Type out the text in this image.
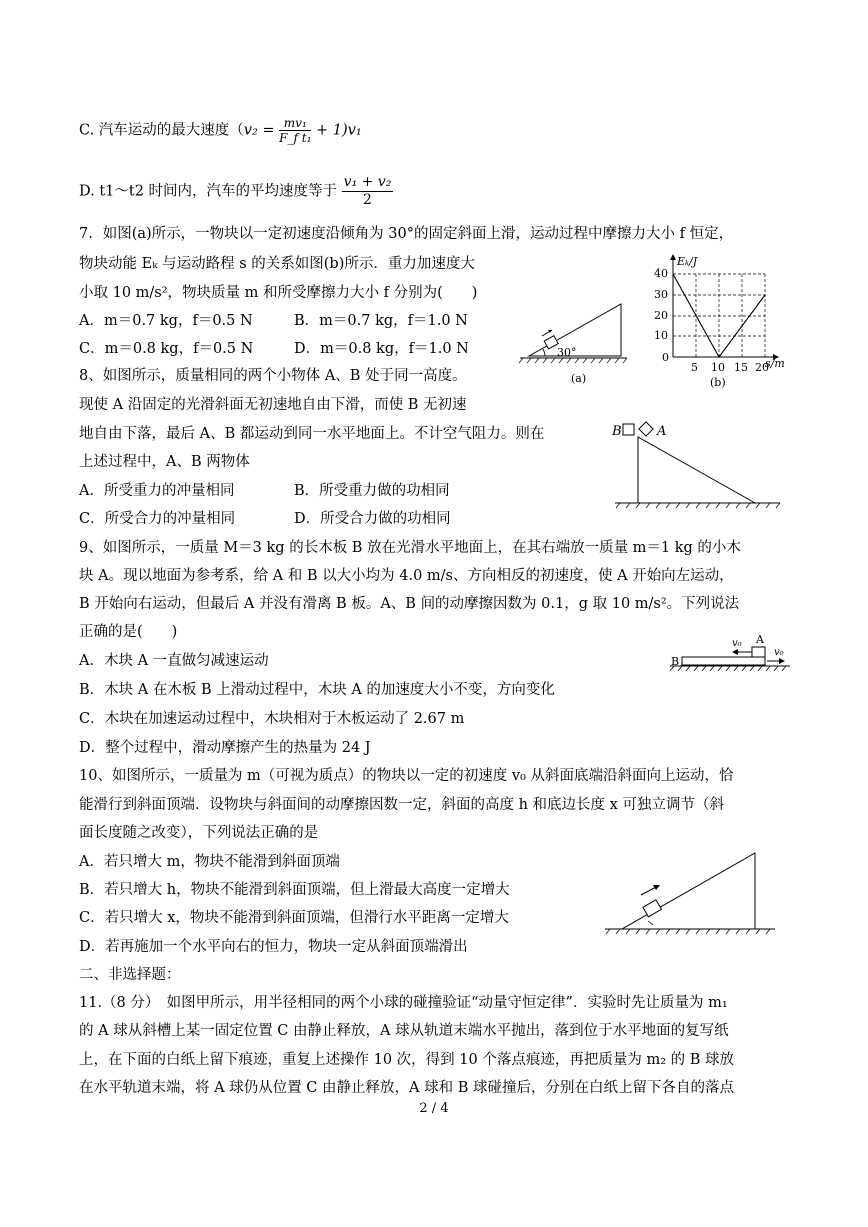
C. 汽车运动的最大速度$(v_2 = \frac{\text{mv₁}}{\text{F\_f t₁}} + 1)v_1$
D. t1～t2 时间内，汽车的平均速度等于 $\frac{\text{v₁ + v₂}}{2}$
7．如图(a)所示，一物块以一定初速度沿倾角为 30°的固定斜面上滑，运动过程中摩擦力大小 f 恒定，
物块动能 Eₖ 与运动路程 s 的关系如图(b)所示．重力加速度大
小取 10 m/s²，物块质量 m 和所受摩擦力大小 f 分别为(　　)
A．m＝0.7 kg，f＝0.5 N	B．m＝0.7 kg，f＝1.0 N
C．m＝0.8 kg，f＝0.5 N	D．m＝0.8 kg，f＝1.0 N	30°
(a)
Eₖ/J
40
30
20
10
0
5 10 15 20
s/m
(b)
8、如图所示，质量相同的两个小物体 A、B 处于同一高度。
现使 A 沿固定的光滑斜面无初速地自由下滑，而使 B 无初速
地自由下落，最后 A、B 都运动到同一水平地面上。不计空气阻力。则在
上述过程中，A、B 两物体
A．所受重力的冲量相同	B．所受重力做的功相同
C．所受合力的冲量相同	D．所受合力做的功相同
B	A
9、如图所示，一质量 M＝3 kg 的长木板 B 放在光滑水平地面上，在其右端放一质量 m＝1 kg 的小木
块 A。现以地面为参考系，给 A 和 B 以大小均为 4.0 m/s、方向相反的初速度，使 A 开始向左运动，
B 开始向右运动，但最后 A 并没有滑离 B 板。A、B 间的动摩擦因数为 0.1，g 取 10 m/s²。下列说法
正确的是(　　)
A．木块 A 一直做匀减速运动
B．木块 A 在木板 B 上滑动过程中，木块 A 的加速度大小不变，方向变化
C．木块在加速运动过程中，木块相对于木板运动了 2.67 m
D．整个过程中，滑动摩擦产生的热量为 24 J
v₀ A
B
v₀
10、如图所示，一质量为 m（可视为质点）的物块以一定的初速度 v₀ 从斜面底端沿斜面向上运动，恰
能滑行到斜面顶端．设物块与斜面间的动摩擦因数一定，斜面的高度 h 和底边长度 x 可独立调节（斜
面长度随之改变），下列说法正确的是
A．若只增大 m，物块不能滑到斜面顶端
B．若只增大 h，物块不能滑到斜面顶端，但上滑最大高度一定增大
C．若只增大 x，物块不能滑到斜面顶端，但滑行水平距离一定增大
D．若再施加一个水平向右的恒力，物块一定从斜面顶端滑出
二、非选择题：
11.（8 分）　如图甲所示，用半径相同的两个小球的碰撞验证“动量守恒定律”．实验时先让质量为 m₁
的 A 球从斜槽上某一固定位置 C 由静止释放，A 球从轨道末端水平抛出，落到位于水平地面的复写纸
上，在下面的白纸上留下痕迹，重复上述操作 10 次，得到 10 个落点痕迹，再把质量为 m₂ 的 B 球放
在水平轨道末端，将 A 球仍从位置 C 由静止释放，A 球和 B 球碰撞后，分别在白纸上留下各自的落点
2 / 4
